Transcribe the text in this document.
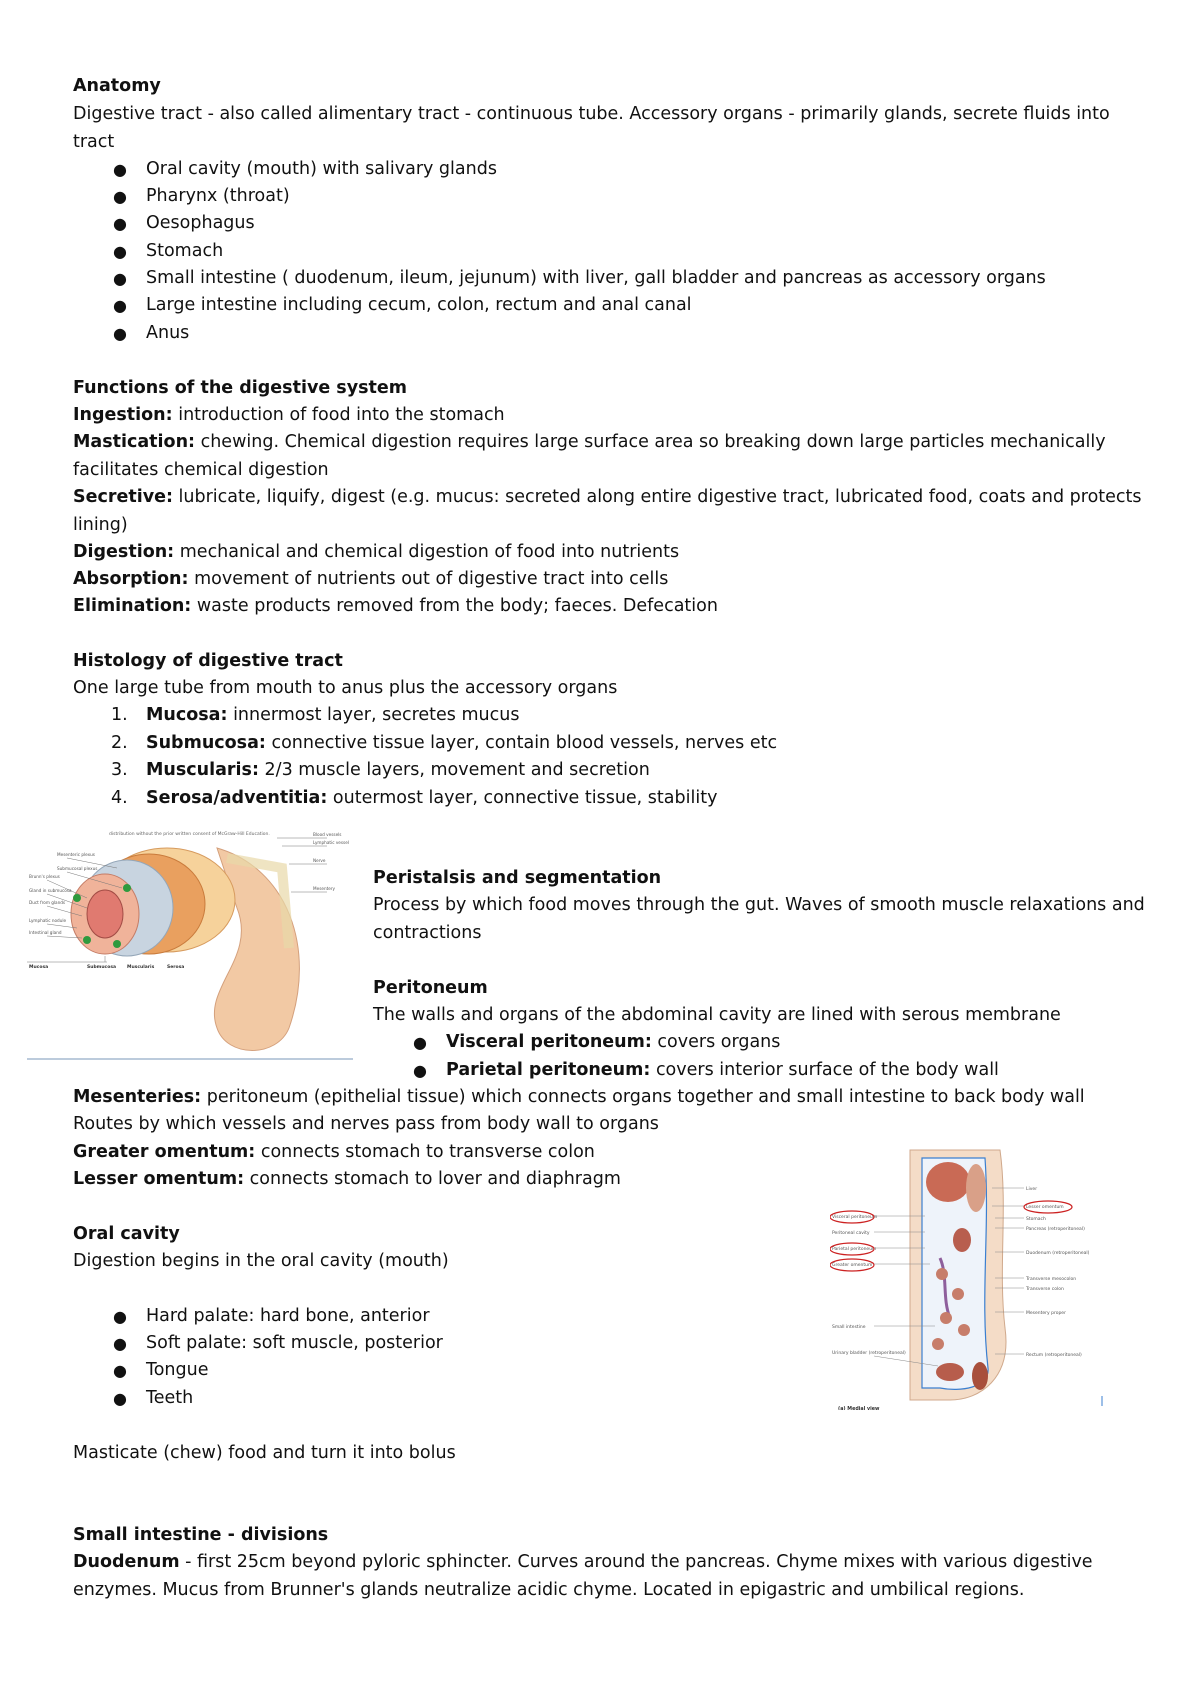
Anatomy
Digestive tract - also called alimentary tract - continuous tube. Accessory organs - primarily glands, secrete fluids into tract
● Oral cavity (mouth) with salivary glands
● Pharynx (throat)
● Oesophagus
● Stomach
● Small intestine ( duodenum, ileum, jejunum) with liver, gall bladder and pancreas as accessory organs
● Large intestine including cecum, colon, rectum and anal canal
● Anus
Functions of the digestive system
Ingestion: introduction of food into the stomach
Mastication: chewing. Chemical digestion requires large surface area so breaking down large particles mechanically facilitates chemical digestion
Secretive: lubricate, liquify, digest (e.g. mucus: secreted along entire digestive tract, lubricated food, coats and protects lining)
Digestion: mechanical and chemical digestion of food into nutrients
Absorption: movement of nutrients out of digestive tract into cells
Elimination: waste products removed from the body; faeces. Defecation
Histology of digestive tract
One large tube from mouth to anus plus the accessory organs
1. Mucosa: innermost layer, secretes mucus
2. Submucosa: connective tissue layer, contain blood vessels, nerves etc
3. Muscularis: 2/3 muscle layers, movement and secretion
4. Serosa/adventitia: outermost layer, connective tissue, stability
distribution without the prior written consent of McGraw-Hill Education.
Mesenteric plexus
Submucosal plexus
Brunn's plexus
Gland in submucosa
Duct from glands
Lymphatic nodule
Intestinal gland
Blood vessels
Lymphatic vessel
Nerve
Mesentery
Mucosa	Submucosa Muscularis	Serosa
Peristalsis and segmentation
Process by which food moves through the gut. Waves of smooth muscle relaxations and contractions
Peritoneum
The walls and organs of the abdominal cavity are lined with serous membrane
● Visceral peritoneum: covers organs
● Parietal peritoneum: covers interior surface of the body wall
Mesenteries: peritoneum (epithelial tissue) which connects organs together and small intestine to back body wall
Routes by which vessels and nerves pass from body wall to organs
Greater omentum: connects stomach to transverse colon
Lesser omentum: connects stomach to lover and diaphragm
Visceral peritoneum
Peritoneal cavity
Parietal peritoneum
Greater omentum
Small intestine
Urinary bladder (retroperitoneal)
Liver
Lesser omentum
Stomach
Pancreas (retroperitoneal)
Duodenum (retroperitoneal)
Transverse mesocolon
Transverse colon
Mesentery proper
Rectum (retroperitoneal)
(a) Medial view
Oral cavity
Digestion begins in the oral cavity (mouth)
● Hard palate: hard bone, anterior
● Soft palate: soft muscle, posterior
● Tongue
● Teeth
Masticate (chew) food and turn it into bolus
Small intestine - divisions
Duodenum - first 25cm beyond pyloric sphincter. Curves around the pancreas. Chyme mixes with various digestive enzymes. Mucus from Brunner's glands neutralize acidic chyme. Located in epigastric and umbilical regions.
